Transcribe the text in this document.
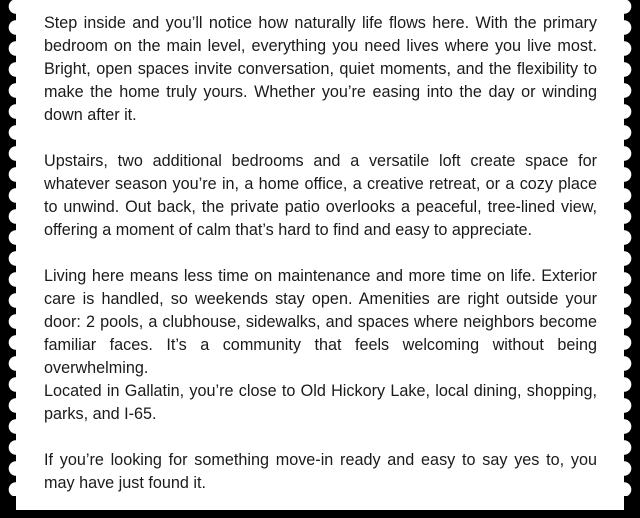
Step inside and you’ll notice how naturally life flows here. With the primary bedroom on the main level, everything you need lives where you live most. Bright, open spaces invite conversation, quiet moments, and the flexibility to make the home truly yours. Whether you’re easing into the day or winding down after it.

Upstairs, two additional bedrooms and a versatile loft create space for whatever season you’re in, a home office, a creative retreat, or a cozy place to unwind. Out back, the private patio overlooks a peaceful, tree-lined view, offering a moment of calm that’s hard to find and easy to appreciate.

Living here means less time on maintenance and more time on life. Exterior care is handled, so weekends stay open. Amenities are right outside your door: 2 pools, a clubhouse, sidewalks, and spaces where neighbors become familiar faces. It’s a community that feels welcoming without being overwhelming.

Located in Gallatin, you’re close to Old Hickory Lake, local dining, shopping, parks, and I-65.

If you’re looking for something move-in ready and easy to say yes to, you may have just found it.
